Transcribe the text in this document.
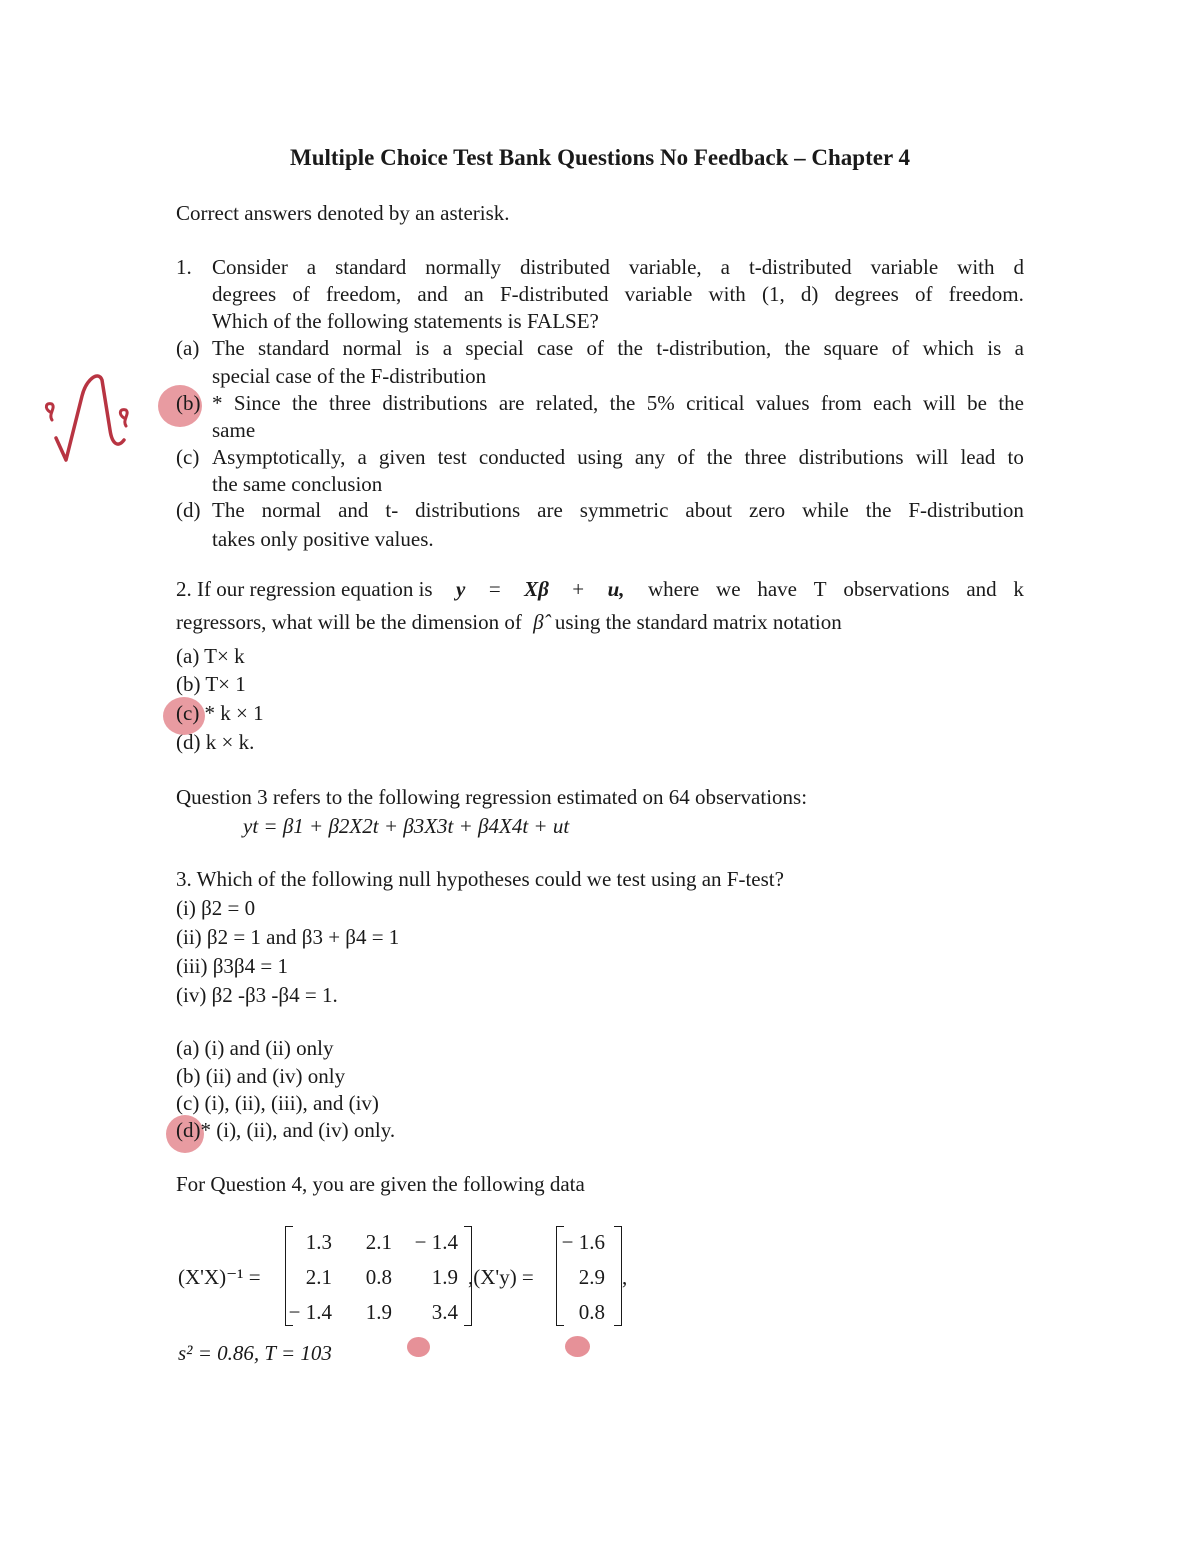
Multiple Choice Test Bank Questions No Feedback – Chapter 4
Correct answers denoted by an asterisk.
1. Consider a standard normally distributed variable, a t-distributed variable with d
degrees of freedom, and an F-distributed variable with (1, d) degrees of freedom.
Which of the following statements is FALSE?
(a) The standard normal is a special case of the t-distribution, the square of which is a
special case of the F-distribution
(b) * Since the three distributions are related, the 5% critical values from each will be the
same
(c) Asymptotically, a given test conducted using any of the three distributions will lead to
the same conclusion
(d) The normal and t- distributions are symmetric about zero while the F-distribution
takes only positive values.
2. If our regression equation is y = Xβ + u, where we have T observations and k
regressors, what will be the dimension of β̂ using the standard matrix notation
(a) T× k
(b) T× 1
(c) * k × 1
(d) k × k.
Question 3 refers to the following regression estimated on 64 observations:
yt = β1 + β2X2t + β3X3t + β4X4t + ut
3. Which of the following null hypotheses could we test using an F-test?
(i) β2 = 0
(ii) β2 = 1 and β3 + β4 = 1
(iii) β3β4 = 1
(iv) β2 -β3 -β4 = 1.
(a) (i) and (ii) only
(b) (ii) and (iv) only
(c) (i), (ii), (iii), and (iv)
(d)* (i), (ii), and (iv) only.
For Question 4, you are given the following data
(X'X)⁻¹ =
1.3	2.1	− 1.4
2.1	0.8	1.9
− 1.4	1.9	3.4
,(X'y) =
− 1.6
2.9
0.8
,
s² = 0.86, T = 103
